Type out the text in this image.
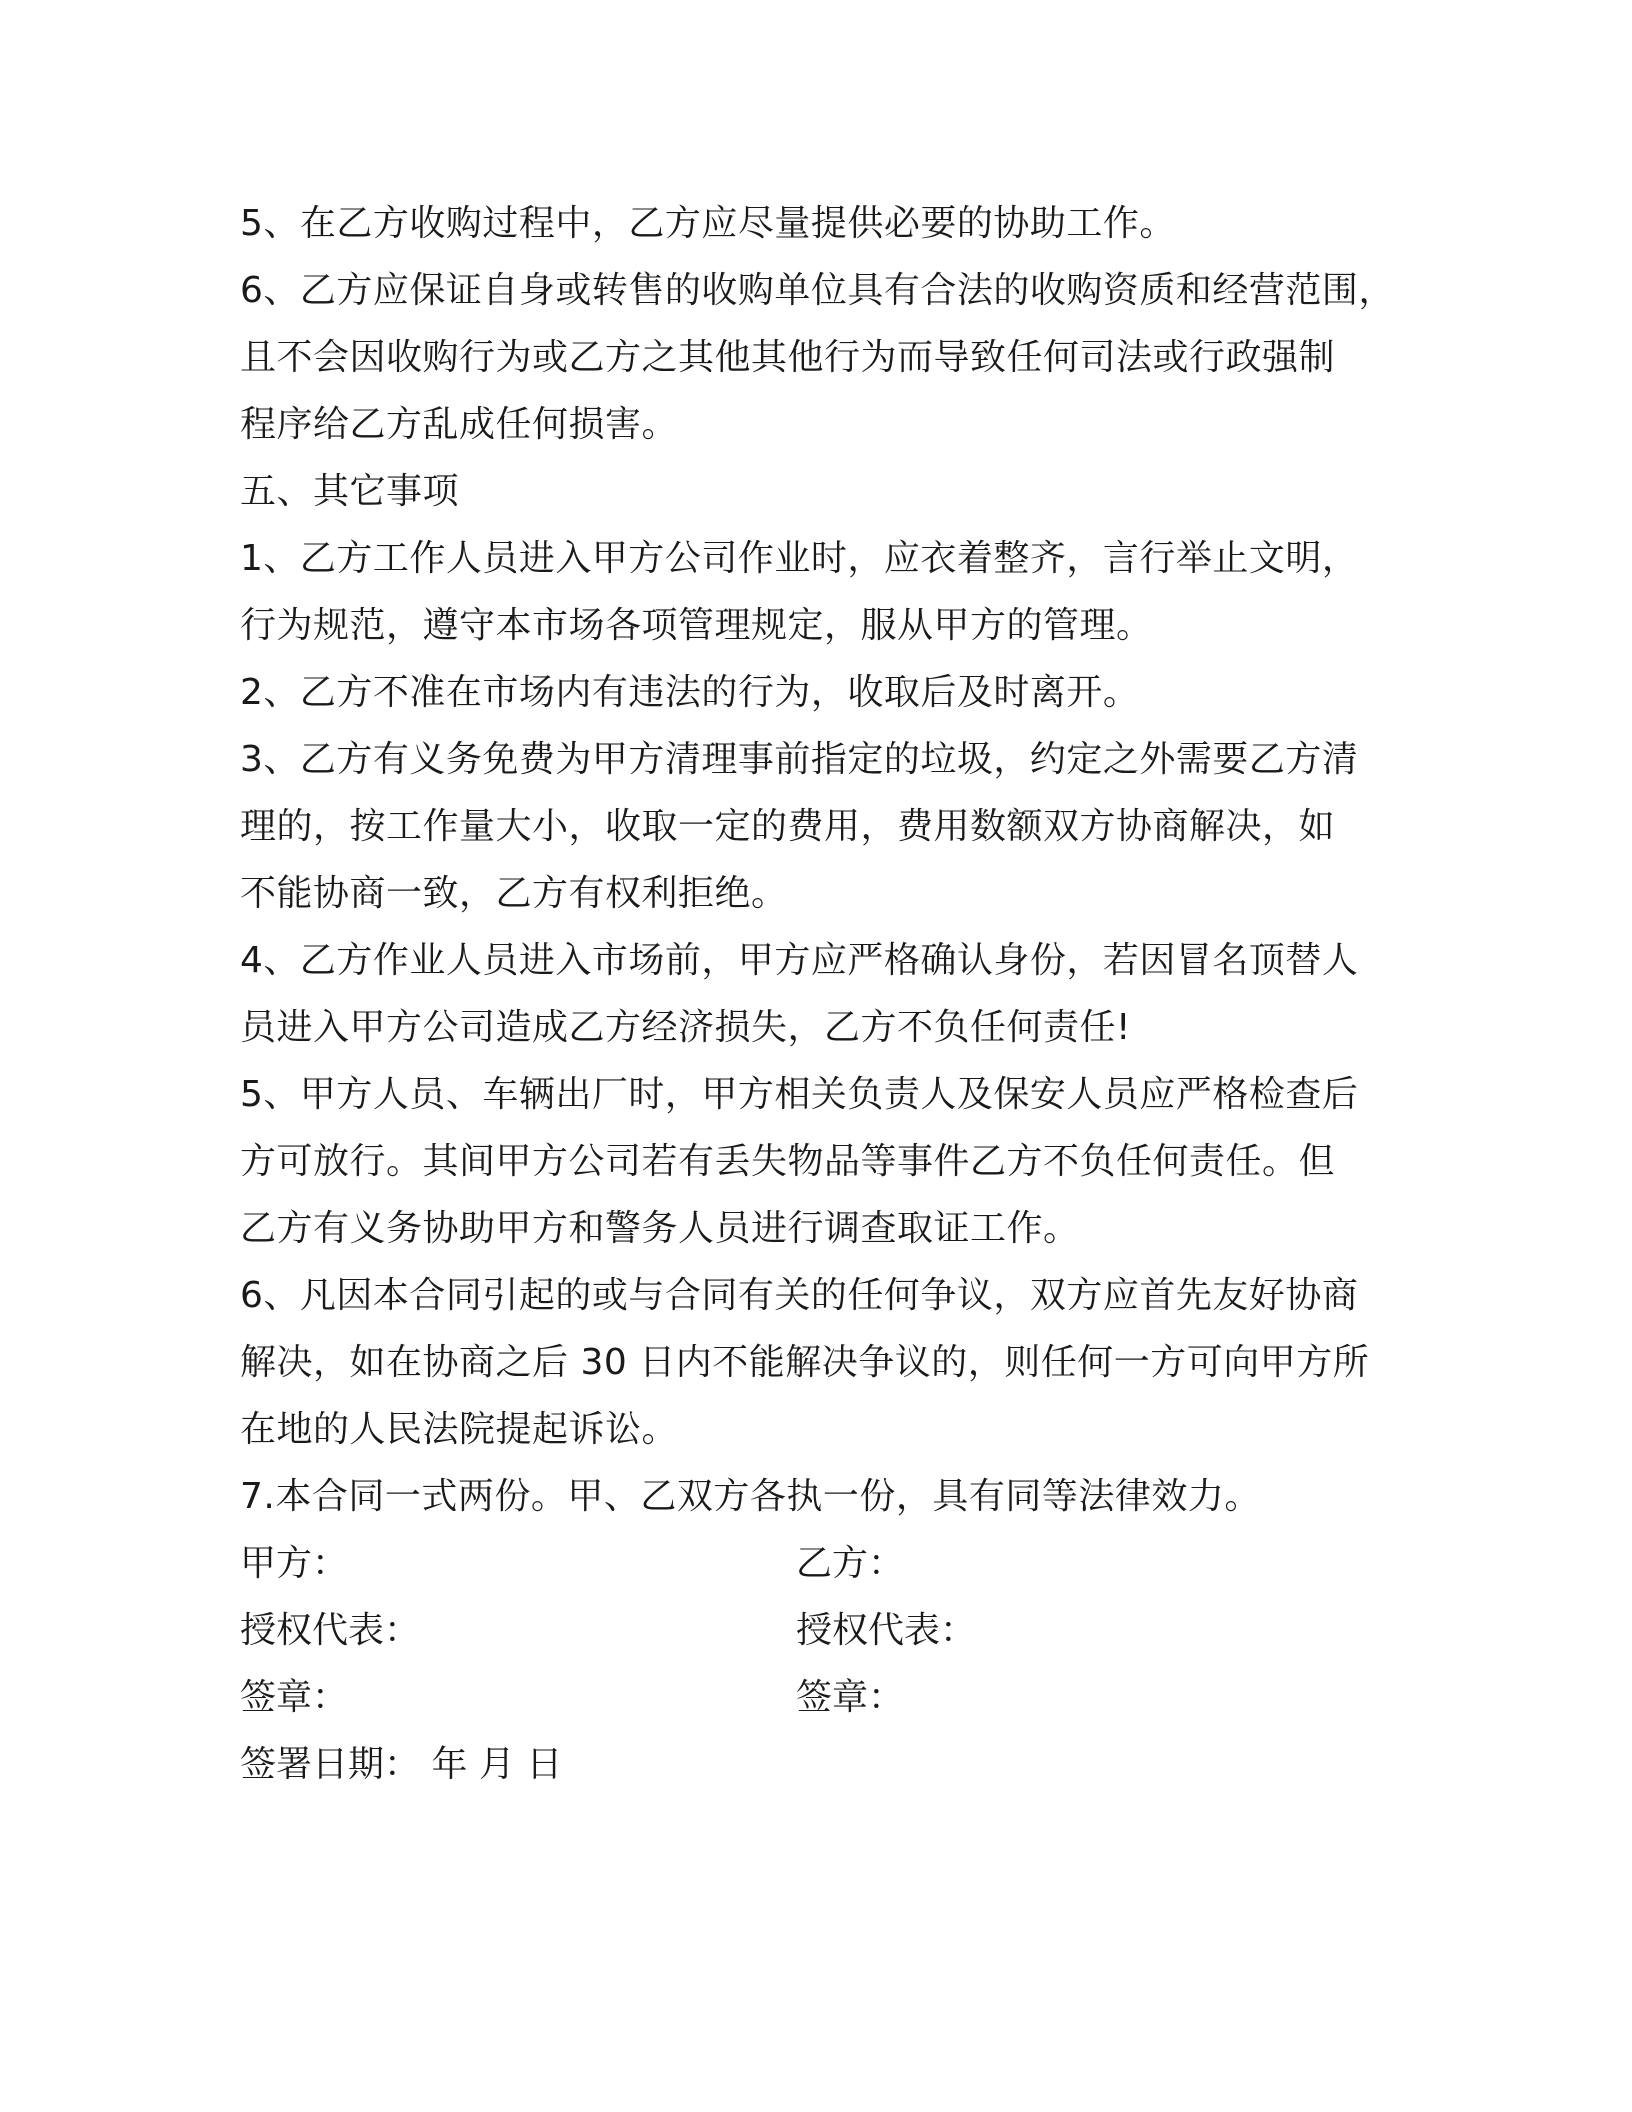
5、在乙方收购过程中，乙方应尽量提供必要的协助工作。
6、乙方应保证自身或转售的收购单位具有合法的收购资质和经营范围，
且不会因收购行为或乙方之其他其他行为而导致任何司法或行政强制
程序给乙方乱成任何损害。
五、其它事项
1、乙方工作人员进入甲方公司作业时，应衣着整齐，言行举止文明，
行为规范，遵守本市场各项管理规定，服从甲方的管理。
2、乙方不准在市场内有违法的行为，收取后及时离开。
3、乙方有义务免费为甲方清理事前指定的垃圾，约定之外需要乙方清
理的，按工作量大小，收取一定的费用，费用数额双方协商解决，如
不能协商一致，乙方有权利拒绝。
4、乙方作业人员进入市场前，甲方应严格确认身份，若因冒名顶替人
员进入甲方公司造成乙方经济损失，乙方不负任何责任!
5、甲方人员、车辆出厂时，甲方相关负责人及保安人员应严格检查后
方可放行。其间甲方公司若有丢失物品等事件乙方不负任何责任。但
乙方有义务协助甲方和警务人员进行调查取证工作。
6、凡因本合同引起的或与合同有关的任何争议，双方应首先友好协商
解决，如在协商之后 30 日内不能解决争议的，则任何一方可向甲方所
在地的人民法院提起诉讼。
7.本合同一式两份。甲、乙双方各执一份，具有同等法律效力。
甲方：	乙方：
授权代表：	授权代表：
签章：	签章：
签署日期： 年 月 日
